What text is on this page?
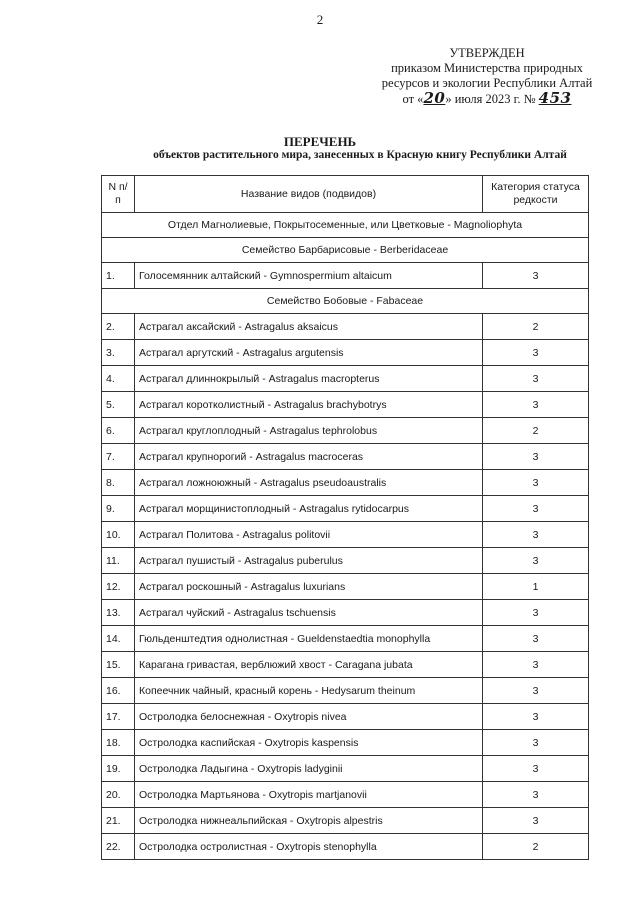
2
УТВЕРЖДЕН
приказом Министерства природных
ресурсов и экологии Республики Алтай
от «20» июля 2023 г. № 453
ПЕРЕЧЕНЬ
объектов растительного мира, занесенных в Красную книгу Республики Алтай
N п/п	Название видов (подвидов)	Категория статуса редкости
Отдел Магнолиевые, Покрытосеменные, или Цветковые - Magnoliophyta		
Семейство Барбарисовые - Berberidaceae		
1.	Голосемянник алтайский - Gymnospermium altaicum	3
Семейство Бобовые - Fabaceae		
2.	Астрагал аксайский - Astragalus aksaicus	2
3.	Астрагал аргутский - Astragalus argutensis	3
4.	Астрагал длиннокрылый - Astragalus macropterus	3
5.	Астрагал коротколистный - Astragalus brachybotrys	3
6.	Астрагал круглоплодный - Astragalus tephrolobus	2
7.	Астрагал крупнорогий - Astragalus macroceras	3
8.	Астрагал ложноюжный - Astragalus pseudoaustralis	3
9.	Астрагал морщинистоплодный - Astragalus rytidocarpus	3
10.	Астрагал Политова - Astragalus politovii	3
11.	Астрагал пушистый - Astragalus puberulus	3
12.	Астрагал роскошный - Astragalus luxurians	1
13.	Астрагал чуйский - Astragalus tschuensis	3
14.	Гюльденштедтия однолистная - Gueldenstaedtia monophylla	3
15.	Карагана гривастая, верблюжий хвост - Caragana jubata	3
16.	Копеечник чайный, красный корень - Hedysarum theinum	3
17.	Остролодка белоснежная - Oxytropis nivea	3
18.	Остролодка каспийская - Oxytropis kaspensis	3
19.	Остролодка Ладыгина - Oxytropis ladyginii	3
20.	Остролодка Мартьянова - Oxytropis martjanovii	3
21.	Остролодка нижнеальпийская - Oxytropis alpestris	3
22.	Остролодка остролистная - Oxytropis stenophylla	2
